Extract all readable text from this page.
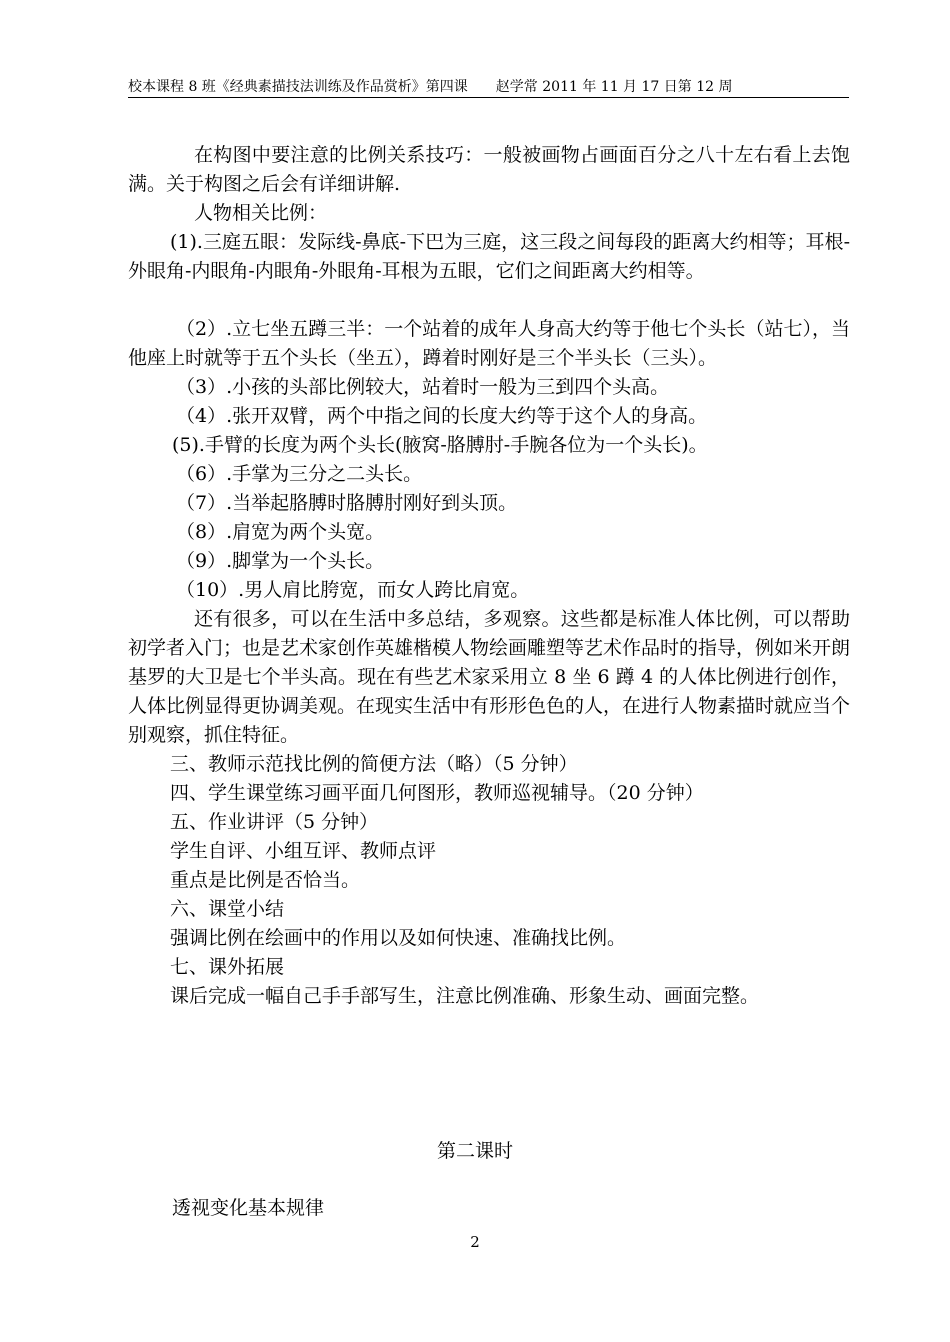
校本课程 8 班《经典素描技法训练及作品赏析》第四课　　赵学常 2011 年 11 月 17 日第 12 周

在构图中要注意的比例关系技巧：一般被画物占画面百分之八十左右看上去饱满。关于构图之后会有详细讲解.

人物相关比例：

(1).三庭五眼：发际线-鼻底-下巴为三庭，这三段之间每段的距离大约相等；耳根-外眼角-内眼角-内眼角-外眼角-耳根为五眼，它们之间距离大约相等。

（2）.立七坐五蹲三半：一个站着的成年人身高大约等于他七个头长（站七），当他座上时就等于五个头长（坐五），蹲着时刚好是三个半头长（三头）。

（3）.小孩的头部比例较大，站着时一般为三到四个头高。

（4）.张开双臂，两个中指之间的长度大约等于这个人的身高。

(5).手臂的长度为两个头长(腋窝-胳膊肘-手腕各位为一个头长)。

（6）.手掌为三分之二头长。

（7）.当举起胳膊时胳膊肘刚好到头顶。

（8）.肩宽为两个头宽。

（9）.脚掌为一个头长。

（10）.男人肩比胯宽，而女人跨比肩宽。

还有很多，可以在生活中多总结，多观察。这些都是标准人体比例，可以帮助初学者入门；也是艺术家创作英雄楷模人物绘画雕塑等艺术作品时的指导，例如米开朗基罗的大卫是七个半头高。现在有些艺术家采用立 8 坐 6 蹲 4 的人体比例进行创作，人体比例显得更协调美观。在现实生活中有形形色色的人，在进行人物素描时就应当个别观察，抓住特征。

三、教师示范找比例的简便方法（略）（5 分钟）

四、学生课堂练习画平面几何图形，教师巡视辅导。（20 分钟）

五、作业讲评（5 分钟）

学生自评、小组互评、教师点评

重点是比例是否恰当。

六、课堂小结

强调比例在绘画中的作用以及如何快速、准确找比例。

七、课外拓展

课后完成一幅自己手手部写生，注意比例准确、形象生动、画面完整。

第二课时
透视变化基本规律
2
